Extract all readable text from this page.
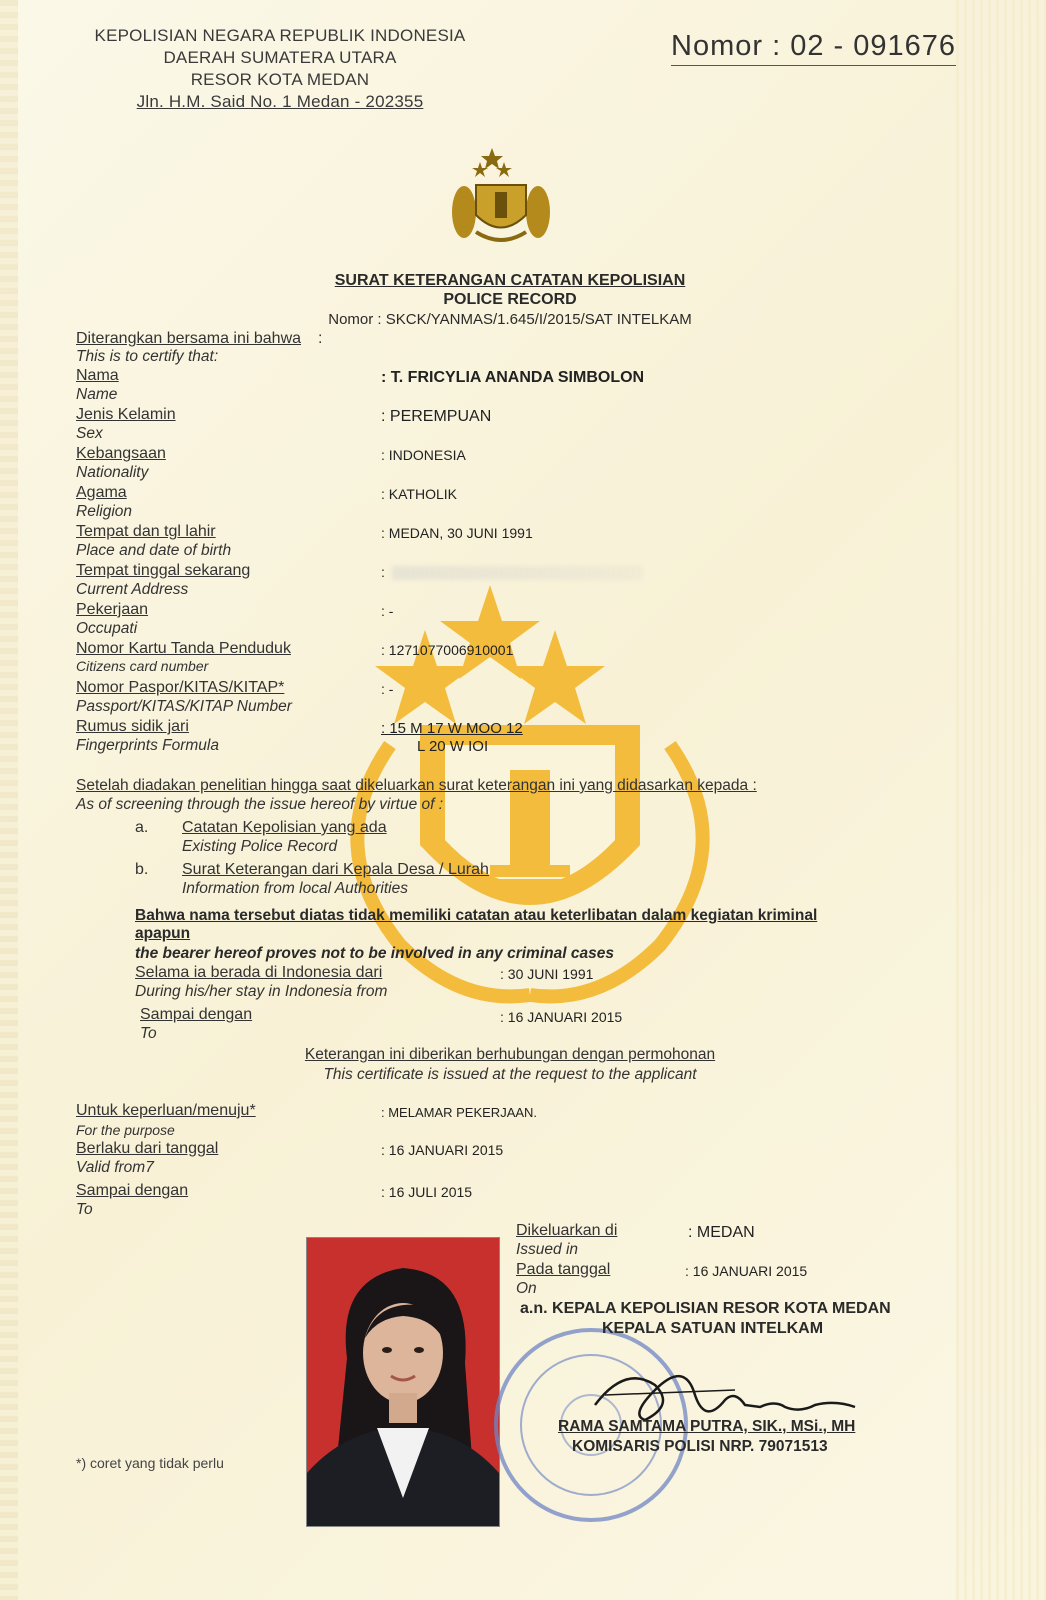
KEPOLISIAN NEGARA REPUBLIK INDONESIA
DAERAH SUMATERA UTARA
RESOR KOTA MEDAN
Jln. H.M. Said No. 1 Medan - 202355
Nomor : 02 - 091676
SURAT KETERANGAN CATATAN KEPOLISIAN
POLICE RECORD
Nomor : SKCK/YANMAS/1.645/I/2015/SAT INTELKAM
Diterangkan bersama ini bahwa :
This is to certify that:
Nama
Name
: T. FRICYLIA ANANDA SIMBOLON
Jenis Kelamin
Sex
: PEREMPUAN
Kebangsaan
Nationality
: INDONESIA
Agama
Religion
: KATHOLIK
Tempat dan tgl lahir
Place and date of birth
: MEDAN, 30 JUNI 1991
Tempat tinggal sekarang
Current Address
:
Pekerjaan
Occupati
: -
Nomor Kartu Tanda Penduduk
Citizens card number
: 1271077006910001
Nomor Paspor/KITAS/KITAP*
Passport/KITAS/KITAP Number
: -
Rumus sidik jari
Fingerprints Formula
: 15 M 17 W MOO 12
L 20 W IOI
Setelah diadakan penelitian hingga saat dikeluarkan surat keterangan ini yang didasarkan kepada :
As of screening through the issue hereof by virtue of :
a. Catatan Kepolisian yang ada
Existing Police Record
b. Surat Keterangan dari Kepala Desa / Lurah
Information from local Authorities
Bahwa nama tersebut diatas tidak memiliki catatan atau keterlibatan dalam kegiatan kriminal
apapun
the bearer hereof proves not to be involved in any criminal cases
Selama ia berada di Indonesia dari
During his/her stay in Indonesia from
: 30 JUNI 1991
Sampai dengan
To
: 16 JANUARI 2015
Keterangan ini diberikan berhubungan dengan permohonan
This certificate is issued at the request to the applicant
Untuk keperluan/menuju*
For the purpose
: MELAMAR PEKERJAAN.
Berlaku dari tanggal
Valid from7
: 16 JANUARI 2015
Sampai dengan
To
: 16 JULI 2015
Dikeluarkan di
Issued in
: MEDAN
Pada tanggal
On
: 16 JANUARI 2015
a.n. KEPALA KEPOLISIAN RESOR KOTA MEDAN
KEPALA SATUAN INTELKAM
RAMA SAMTAMA PUTRA, SIK., MSi., MH
KOMISARIS POLISI NRP. 79071513
*) coret yang tidak perlu
